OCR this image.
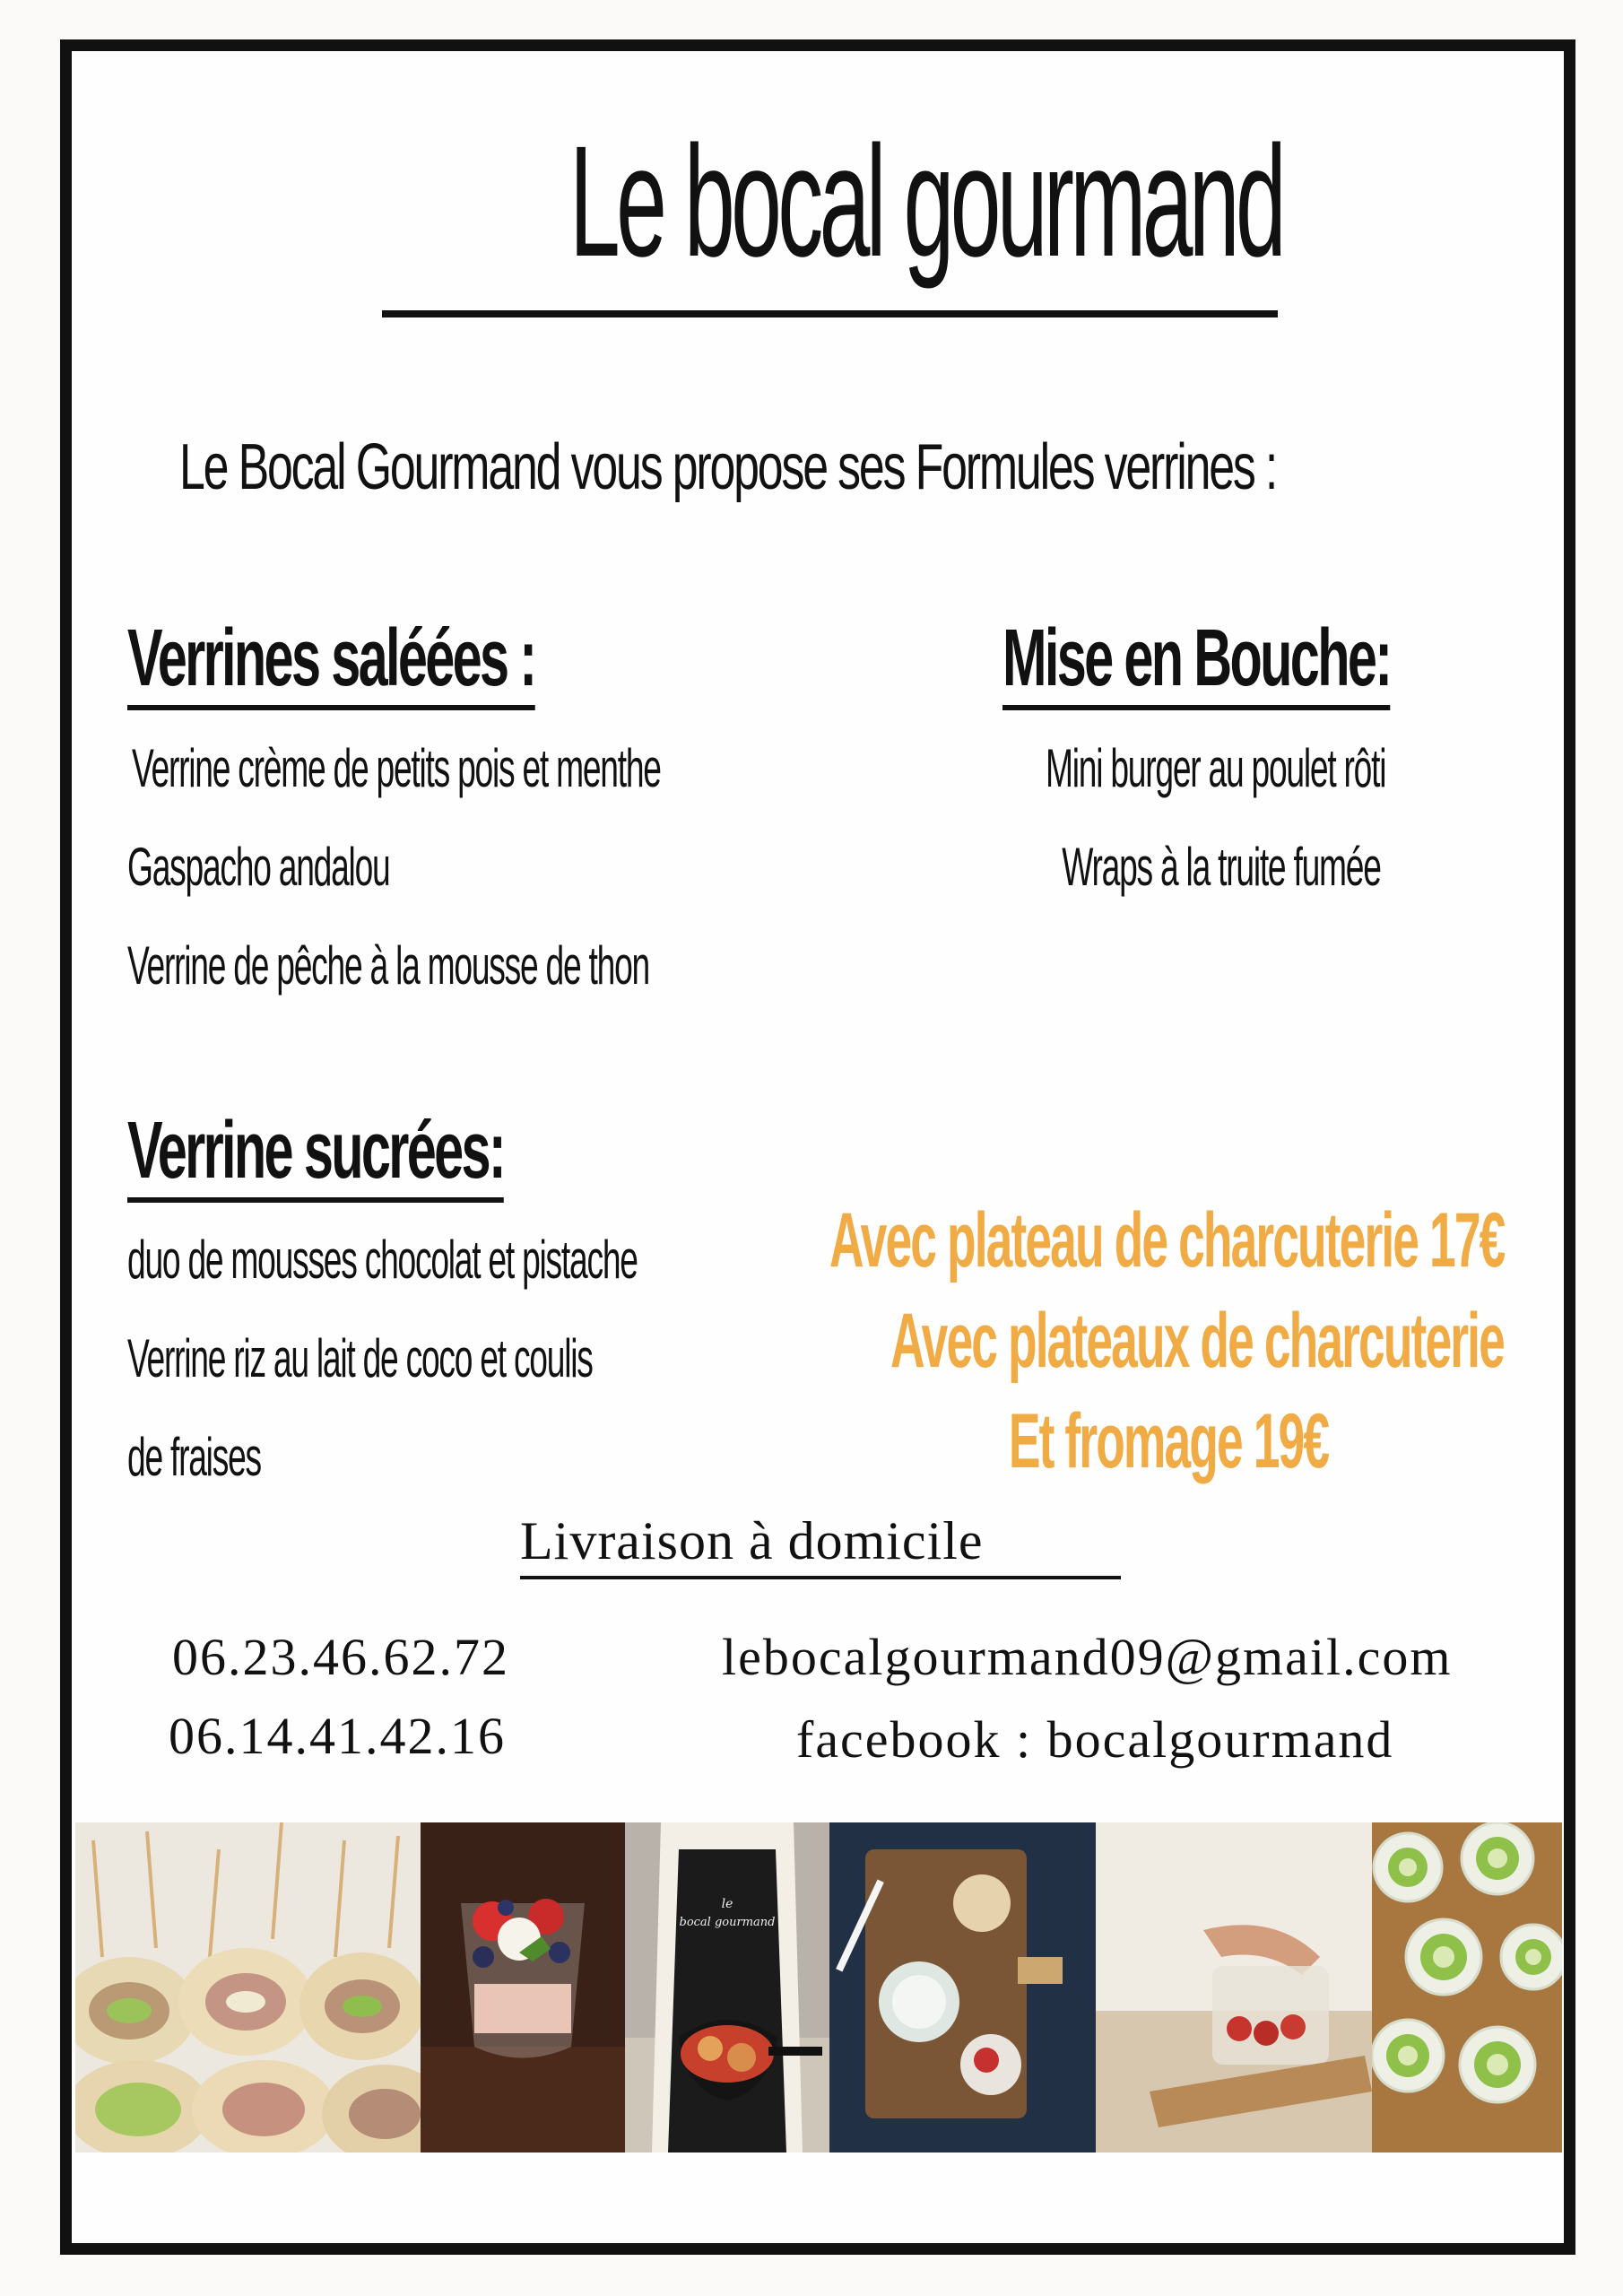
Le bocal gourmand
Le Bocal Gourmand vous propose ses Formules verrines :
Verrines saléées :
Verrine crème de petits pois et menthe
Gaspacho andalou
Verrine de pêche à la mousse de thon
Mise en Bouche:
Mini burger au poulet rôti
Wraps à la truite fumée
Verrine sucrées:
duo de mousses chocolat et pistache
Verrine riz au lait de coco et coulis
de fraises
Avec plateau de charcuterie 17€
Avec plateaux de charcuterie
Et fromage 19€
Livraison à domicile
06.23.46.62.72
06.14.41.42.16
lebocalgourmand09@gmail.com
facebook : bocalgourmand
le
bocal gourmand
